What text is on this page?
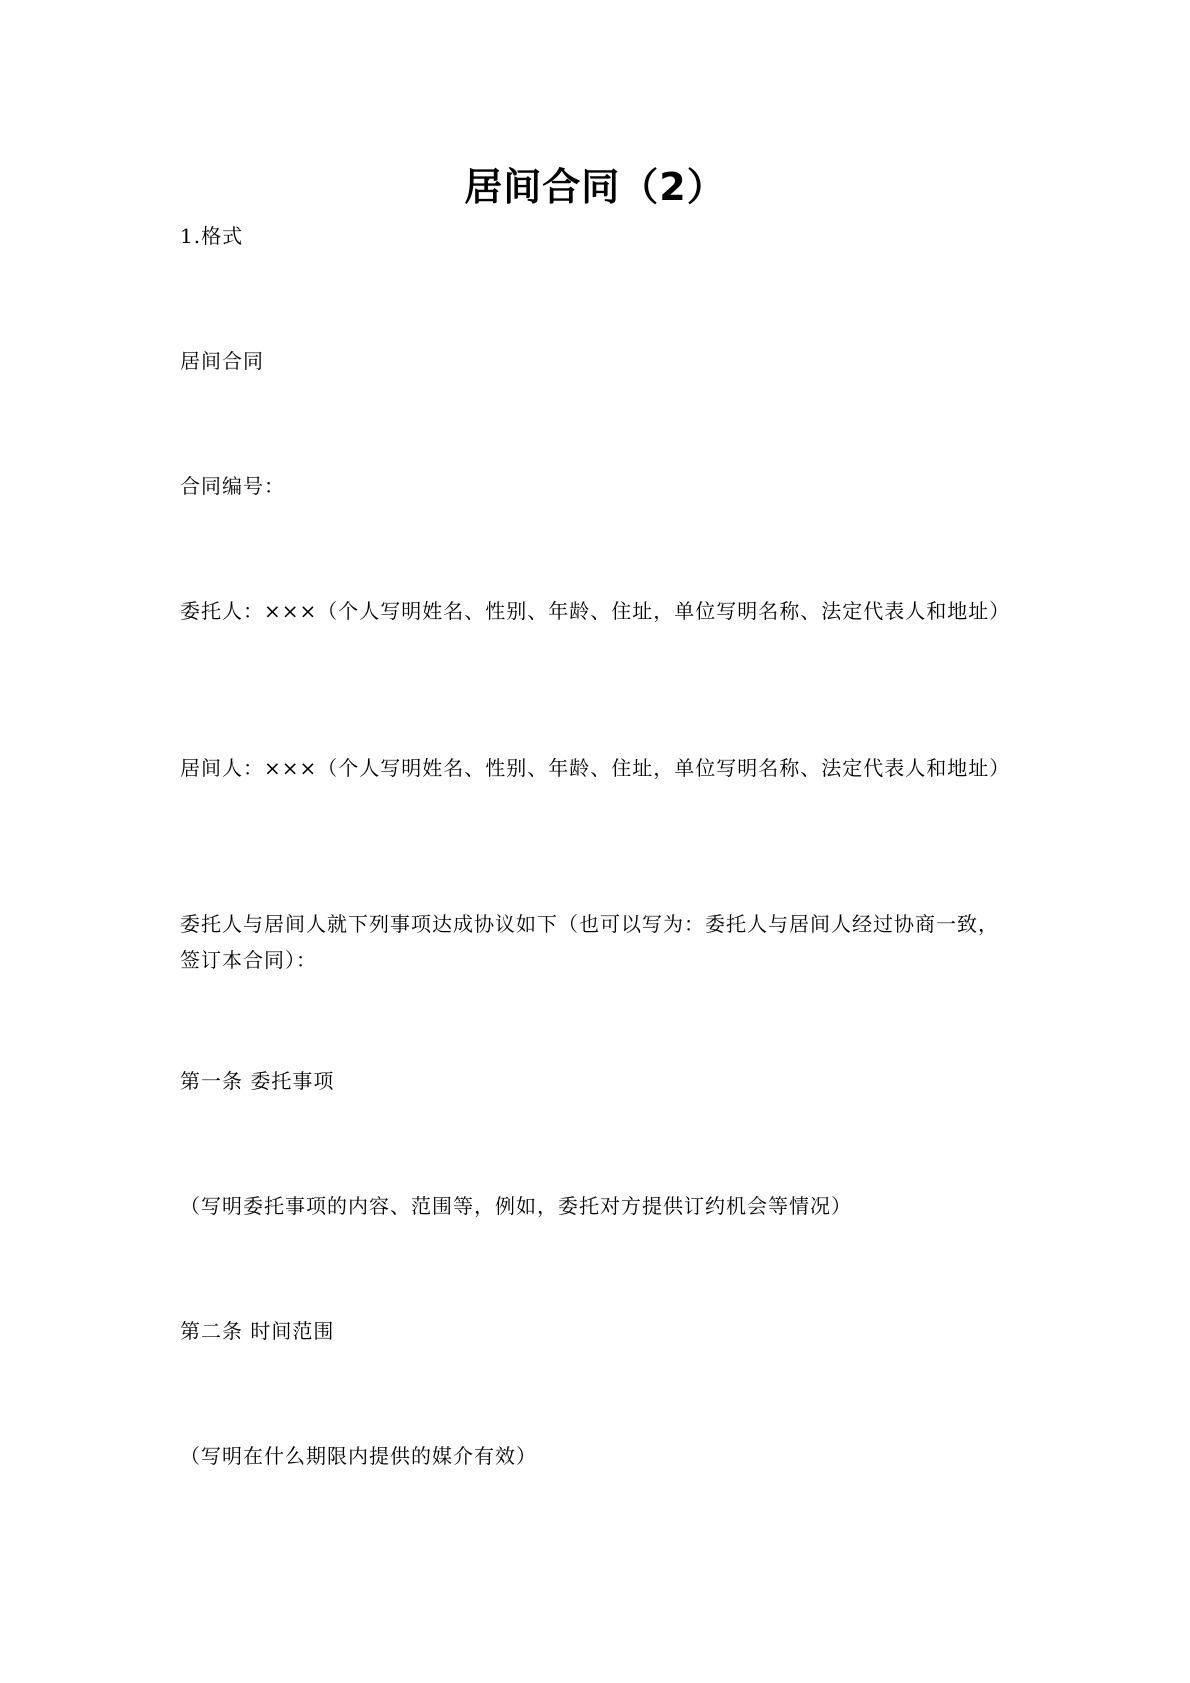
居间合同（2）

1.格式

居间合同

合同编号：

委托人：×××（个人写明姓名、性别、年龄、住址，单位写明名称、法定代表人和地址）

居间人：×××（个人写明姓名、性别、年龄、住址，单位写明名称、法定代表人和地址）

委托人与居间人就下列事项达成协议如下（也可以写为：委托人与居间人经过协商一致，签订本合同）：

第一条 委托事项

（写明委托事项的内容、范围等，例如，委托对方提供订约机会等情况）

第二条 时间范围

（写明在什么期限内提供的媒介有效）
